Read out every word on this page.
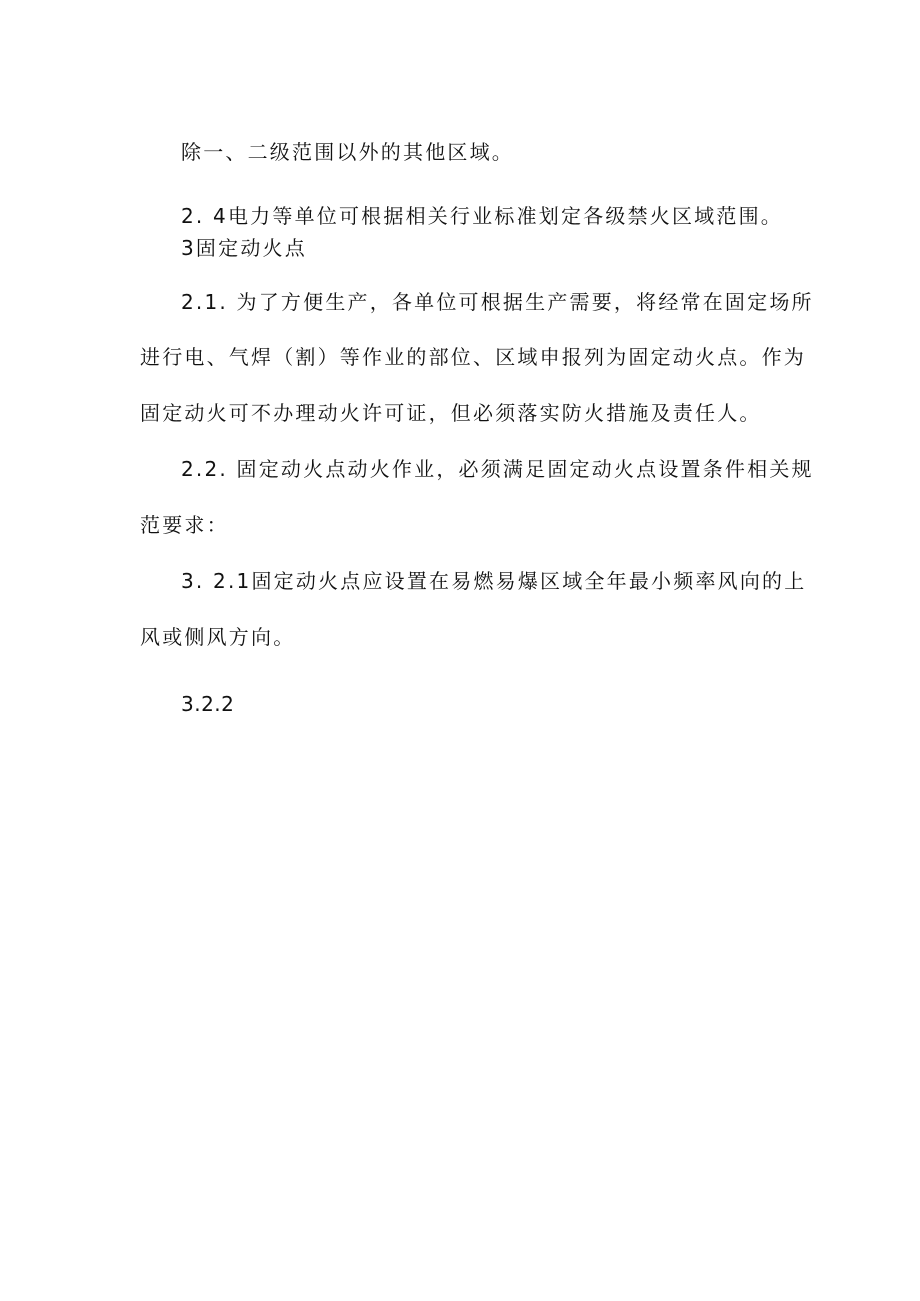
除一、二级范围以外的其他区域。
2. 4电力等单位可根据相关行业标准划定各级禁火区域范围。
3固定动火点
2.1. 为了方便生产，各单位可根据生产需要，将经常在固定场所
进行电、气焊（割）等作业的部位、区域申报列为固定动火点。作为
固定动火可不办理动火许可证，但必须落实防火措施及责任人。
2.2. 固定动火点动火作业，必须满足固定动火点设置条件相关规
范要求：
3. 2.1固定动火点应设置在易燃易爆区域全年最小频率风向的上
风或侧风方向。
3.2.2
